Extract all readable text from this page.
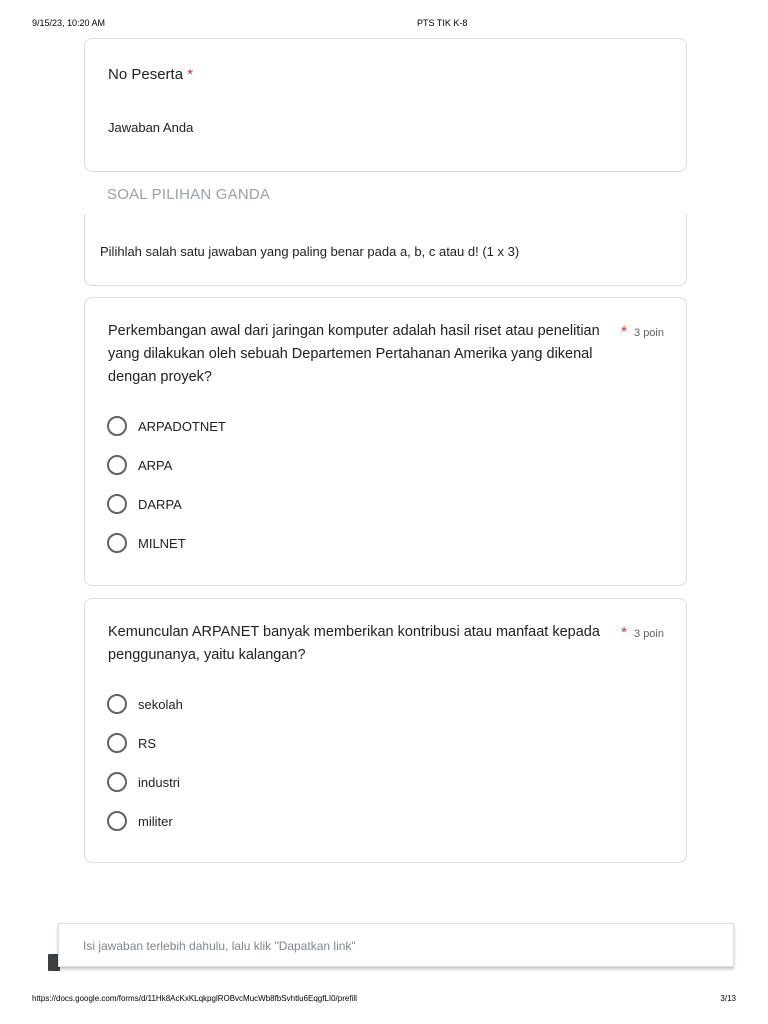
9/15/23, 10:20 AM	PTS TIK K-8
No Peserta *
Jawaban Anda
SOAL PILIHAN GANDA
Pilihlah salah satu jawaban yang paling benar pada a, b, c atau d! (1 x 3)
Perkembangan awal dari jaringan komputer adalah hasil riset atau penelitian yang dilakukan oleh sebuah Departemen Pertahanan Amerika yang dikenal dengan proyek?
* 3 poin
ARPADOTNET
ARPA
DARPA
MILNET
Kemunculan ARPANET banyak memberikan kontribusi atau manfaat kepada penggunanya, yaitu kalangan?
* 3 poin
sekolah
RS
industri
militer
Isi jawaban terlebih dahulu, lalu klik "Dapatkan link"
https://docs.google.com/forms/d/11Hk8AcKxKLqkpglROBvcMucWb8fbSvhtlu6EqgfLI0/prefill	3/13
